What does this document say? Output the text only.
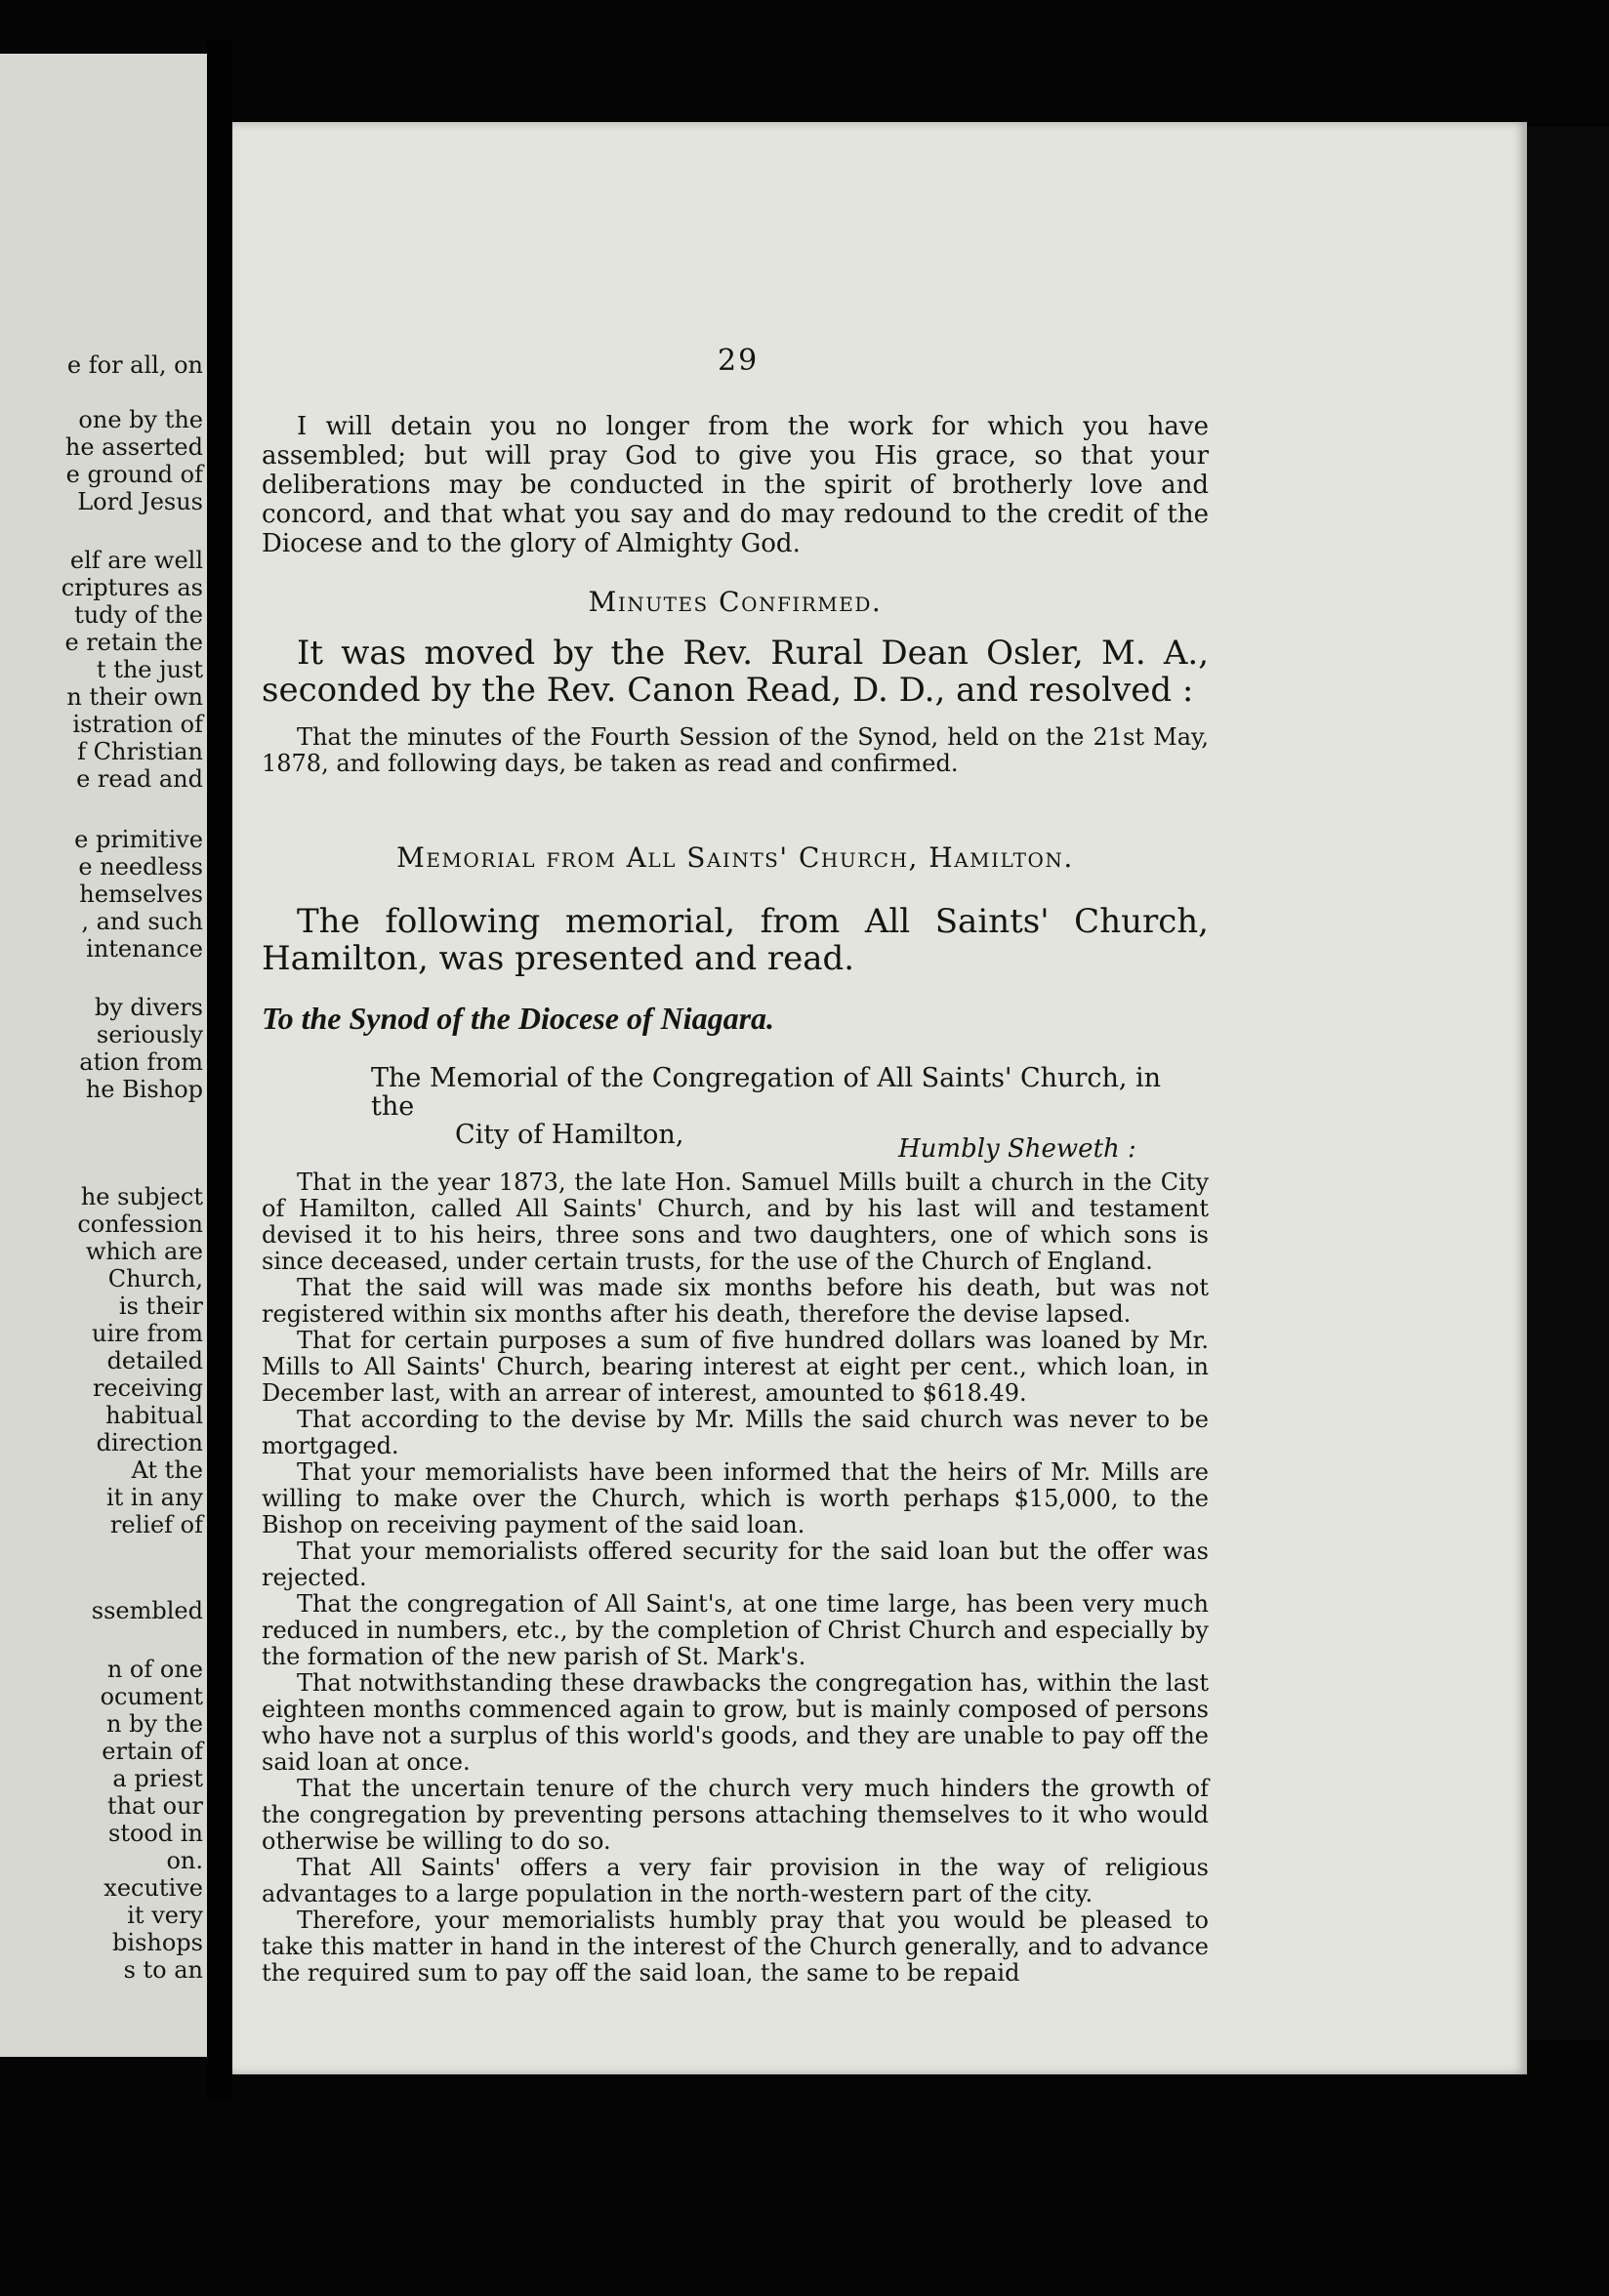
e for all, on
one by the
he asserted
e ground of
Lord Jesus
elf are well
criptures as
tudy of the
e retain the
t the just
n their own
istration of
f Christian
e read and
e primitive
e needless
hemselves
, and such
intenance
by divers
seriously
ation from
he Bishop
he subject
confession
which are
Church,
is their
uire from
detailed
receiving
habitual
direction
At the
it in any
relief of
ssembled
n of one
ocument
n by the
ertain of
a priest
that our
stood in
on.
xecutive
it very
bishops
s to an
29
I will detain you no longer from the work for which you have assembled; but will pray God to give you His grace, so that your deliberations may be conducted in the spirit of brotherly love and concord, and that what you say and do may redound to the credit of the Diocese and to the glory of Almighty God.
Minutes Confirmed.
It was moved by the Rev. Rural Dean Osler, M. A., seconded by the Rev. Canon Read, D. D., and resolved :
That the minutes of the Fourth Session of the Synod, held on the 21st May, 1878, and following days, be taken as read and confirmed.
Memorial from All Saints' Church, Hamilton.
The following memorial, from All Saints' Church, Hamilton, was presented and read.
To the Synod of the Diocese of Niagara.
The Memorial of the Congregation of All Saints' Church, in the
City of Hamilton,	Humbly Sheweth :

That in the year 1873, the late Hon. Samuel Mills built a church in the City of Hamilton, called All Saints' Church, and by his last will and testament devised it to his heirs, three sons and two daughters, one of which sons is since deceased, under certain trusts, for the use of the Church of England.

That the said will was made six months before his death, but was not registered within six months after his death, therefore the devise lapsed.

That for certain purposes a sum of five hundred dollars was loaned by Mr. Mills to All Saints' Church, bearing interest at eight per cent., which loan, in December last, with an arrear of interest, amounted to $618.49.

That according to the devise by Mr. Mills the said church was never to be mortgaged.

That your memorialists have been informed that the heirs of Mr. Mills are willing to make over the Church, which is worth perhaps $15,000, to the Bishop on receiving payment of the said loan.

That your memorialists offered security for the said loan but the offer was rejected.

That the congregation of All Saint's, at one time large, has been very much reduced in numbers, etc., by the completion of Christ Church and especially by the formation of the new parish of St. Mark's.

That notwithstanding these drawbacks the congregation has, within the last eighteen months commenced again to grow, but is mainly composed of persons who have not a surplus of this world's goods, and they are unable to pay off the said loan at once.

That the uncertain tenure of the church very much hinders the growth of the congregation by preventing persons attaching themselves to it who would otherwise be willing to do so.

That All Saints' offers a very fair provision in the way of religious advantages to a large population in the north-western part of the city.

Therefore, your memorialists humbly pray that you would be pleased to take this matter in hand in the interest of the Church generally, and to advance the required sum to pay off the said loan, the same to be repaid
